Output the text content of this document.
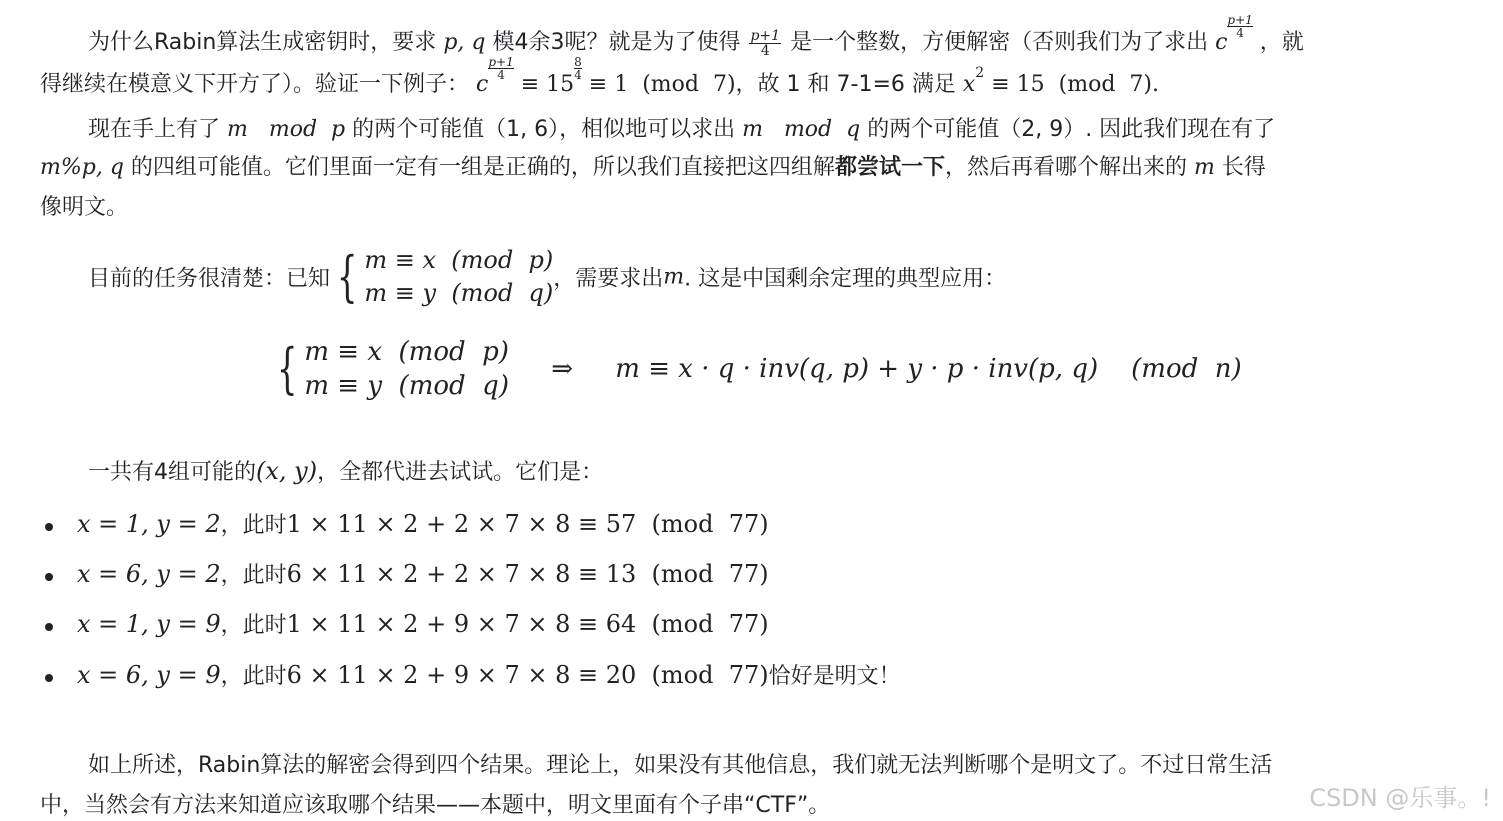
为什么Rabin算法生成密钥时，要求 p, q 模4余3呢？就是为了使得 $\frac{p+1}{4}$ 是一个整数，方便解密（否则我们为了求出 c
$\frac{p+1}{4}$
，就
得继续在模意义下开方了）。验证一下例子： c
$\frac{p+1}{4}$
≡ 15
$\frac{8}{4}$
≡ 1  (mod  7)，故 1 和 7-1=6 满足 x2 ≡ 15  (mod  7).
现在手上有了 m   mod  p 的两个可能值（1, 6），相似地可以求出 m   mod  q 的两个可能值（2, 9）. 因此我们现在有了
m%p, q 的四组可能值。它们里面一定有一组是正确的，所以我们直接把这四组解都尝试一下，然后再看哪个解出来的 m 长得
像明文。
目前的任务很清楚：已知 { m ≡ x  (mod  p)
m ≡ y  (mod  q) ，需要求出m. 这是中国剩余定理的典型应用：
{ m ≡ x  (mod  p)
m ≡ y  (mod  q)
⇒ m ≡ x · q · inv(q, p) + y · p · inv(p, q)    (mod  n)
一共有4组可能的(x, y)，全都代进去试试。它们是：
x = 1, y = 2，此时1 × 11 × 2 + 2 × 7 × 8 ≡ 57  (mod  77)
x = 6, y = 2，此时6 × 11 × 2 + 2 × 7 × 8 ≡ 13  (mod  77)
x = 1, y = 9，此时1 × 11 × 2 + 9 × 7 × 8 ≡ 64  (mod  77)
x = 6, y = 9，此时6 × 11 × 2 + 9 × 7 × 8 ≡ 20  (mod  77)恰好是明文！
如上所述，Rabin算法的解密会得到四个结果。理论上，如果没有其他信息，我们就无法判断哪个是明文了。不过日常生活
中，当然会有方法来知道应该取哪个结果——本题中，明文里面有个子串“CTF”。	CSDN @乐事。!
